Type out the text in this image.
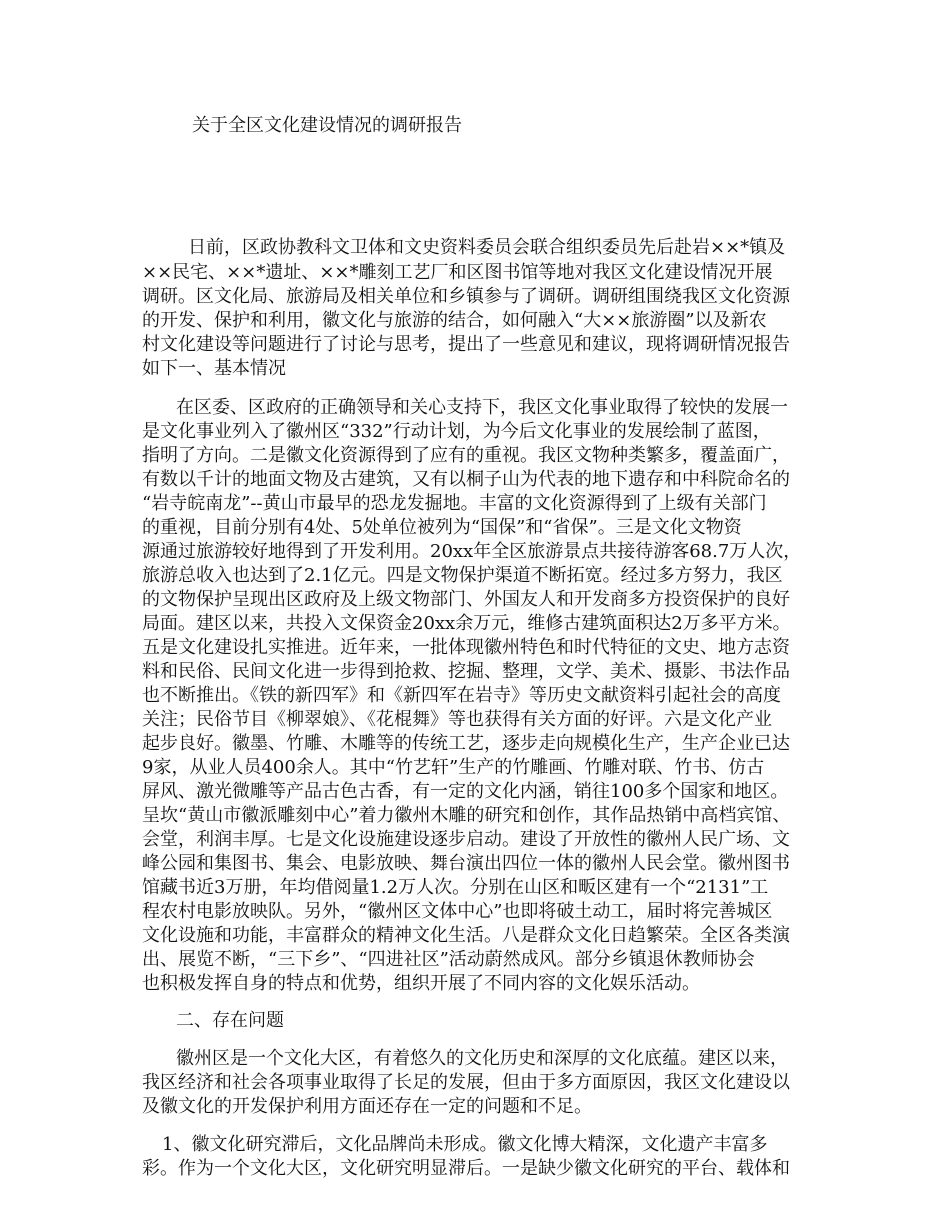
关于全区文化建设情况的调研报告

日前，区政协教科文卫体和文史资料委员会联合组织委员先后赴岩××*镇及

××民宅、××*遗址、××*雕刻工艺厂和区图书馆等地对我区文化建设情况开展

调研。区文化局、旅游局及相关单位和乡镇参与了调研。调研组围绕我区文化资源

的开发、保护和利用，徽文化与旅游的结合，如何融入“大××旅游圈”以及新农

村文化建设等问题进行了讨论与思考，提出了一些意见和建议，现将调研情况报告

如下一、基本情况

在区委、区政府的正确领导和关心支持下，我区文化事业取得了较快的发展一

是文化事业列入了徽州区“332”行动计划，为今后文化事业的发展绘制了蓝图，

指明了方向。二是徽文化资源得到了应有的重视。我区文物种类繁多，覆盖面广，

有数以千计的地面文物及古建筑，又有以桐子山为代表的地下遗存和中科院命名的

“岩寺皖南龙”--黄山市最早的恐龙发掘地。丰富的文化资源得到了上级有关部门

的重视，目前分别有4处、5处单位被列为“国保”和“省保”。三是文化文物资

源通过旅游较好地得到了开发利用。20xx年全区旅游景点共接待游客68.7万人次，

旅游总收入也达到了2.1亿元。四是文物保护渠道不断拓宽。经过多方努力，我区

的文物保护呈现出区政府及上级文物部门、外国友人和开发商多方投资保护的良好

局面。建区以来，共投入文保资金20xx余万元，维修古建筑面积达2万多平方米。

五是文化建设扎实推进。近年来，一批体现徽州特色和时代特征的文史、地方志资

料和民俗、民间文化进一步得到抢救、挖掘、整理，文学、美术、摄影、书法作品

也不断推出。《铁的新四军》和《新四军在岩寺》等历史文献资料引起社会的高度

关注；民俗节目《柳翠娘》、《花棍舞》等也获得有关方面的好评。六是文化产业

起步良好。徽墨、竹雕、木雕等的传统工艺，逐步走向规模化生产，生产企业已达

9家，从业人员400余人。其中“竹艺轩”生产的竹雕画、竹雕对联、竹书、仿古

屏风、激光微雕等产品古色古香，有一定的文化内涵，销往100多个国家和地区。

呈坎“黄山市徽派雕刻中心”着力徽州木雕的研究和创作，其作品热销中高档宾馆、

会堂，利润丰厚。七是文化设施建设逐步启动。建设了开放性的徽州人民广场、文

峰公园和集图书、集会、电影放映、舞台演出四位一体的徽州人民会堂。徽州图书

馆藏书近3万册，年均借阅量1.2万人次。分别在山区和畈区建有一个“2131”工

程农村电影放映队。另外，“徽州区文体中心”也即将破土动工，届时将完善城区

文化设施和功能，丰富群众的精神文化生活。八是群众文化日趋繁荣。全区各类演

出、展览不断，“三下乡”、“四进社区”活动蔚然成风。部分乡镇退休教师协会

也积极发挥自身的特点和优势，组织开展了不同内容的文化娱乐活动。

二、存在问题

徽州区是一个文化大区，有着悠久的文化历史和深厚的文化底蕴。建区以来，

我区经济和社会各项事业取得了长足的发展，但由于多方面原因，我区文化建设以

及徽文化的开发保护利用方面还存在一定的问题和不足。

1、徽文化研究滞后，文化品牌尚未形成。徽文化博大精深，文化遗产丰富多

彩。作为一个文化大区，文化研究明显滞后。一是缺少徽文化研究的平台、载体和
